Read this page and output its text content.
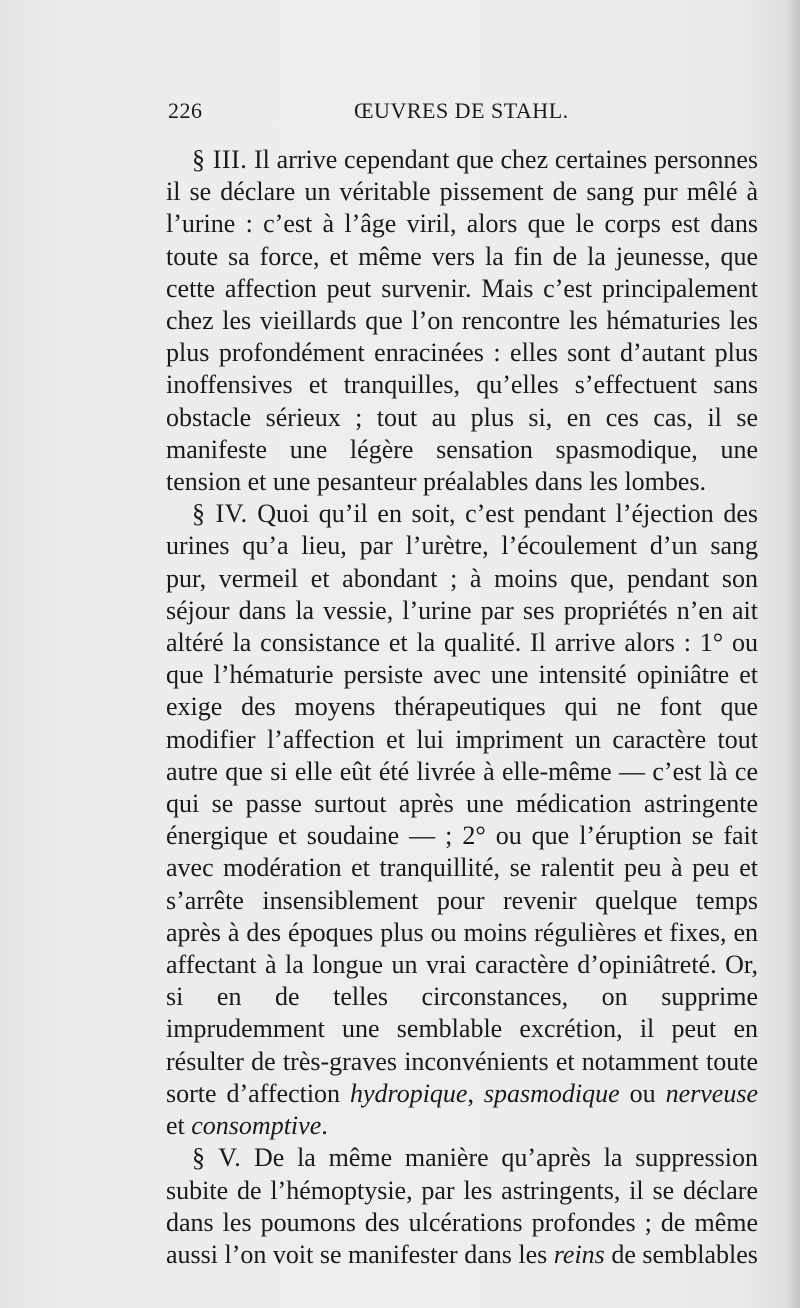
226	ŒUVRES DE STAHL.

§ III. Il arrive cependant que chez certaines personnes il se déclare un véritable pissement de sang pur mêlé à l’urine : c’est à l’âge viril, alors que le corps est dans toute sa force, et même vers la fin de la jeunesse, que cette affection peut survenir. Mais c’est principalement chez les vieillards que l’on rencontre les hématuries les plus profondément enracinées : elles sont d’autant plus inoffensives et tranquilles, qu’elles s’effectuent sans obstacle sérieux ; tout au plus si, en ces cas, il se manifeste une légère sensation spasmodique, une tension et une pesanteur préalables dans les lombes.

§ IV. Quoi qu’il en soit, c’est pendant l’éjection des urines qu’a lieu, par l’urètre, l’écoulement d’un sang pur, vermeil et abondant ; à moins que, pendant son séjour dans la vessie, l’urine par ses propriétés n’en ait altéré la consistance et la qualité. Il arrive alors : 1° ou que l’hématurie persiste avec une intensité opiniâtre et exige des moyens thérapeutiques qui ne font que modifier l’affection et lui impriment un caractère tout autre que si elle eût été livrée à elle-même — c’est là ce qui se passe surtout après une médication astringente énergique et soudaine — ; 2° ou que l’éruption se fait avec modération et tranquillité, se ralentit peu à peu et s’arrête insensiblement pour revenir quelque temps après à des époques plus ou moins régulières et fixes, en affectant à la longue un vrai caractère d’opiniâtreté. Or, si en de telles circonstances, on supprime imprudemment une semblable excrétion, il peut en résulter de très-graves inconvénients et notamment toute sorte d’affection hydropique, spasmodique ou nerveuse et consomptive.

§ V. De la même manière qu’après la suppression subite de l’hémoptysie, par les astringents, il se déclare dans les poumons des ulcérations profondes ; de même aussi l’on voit se manifester dans les reins de semblables
